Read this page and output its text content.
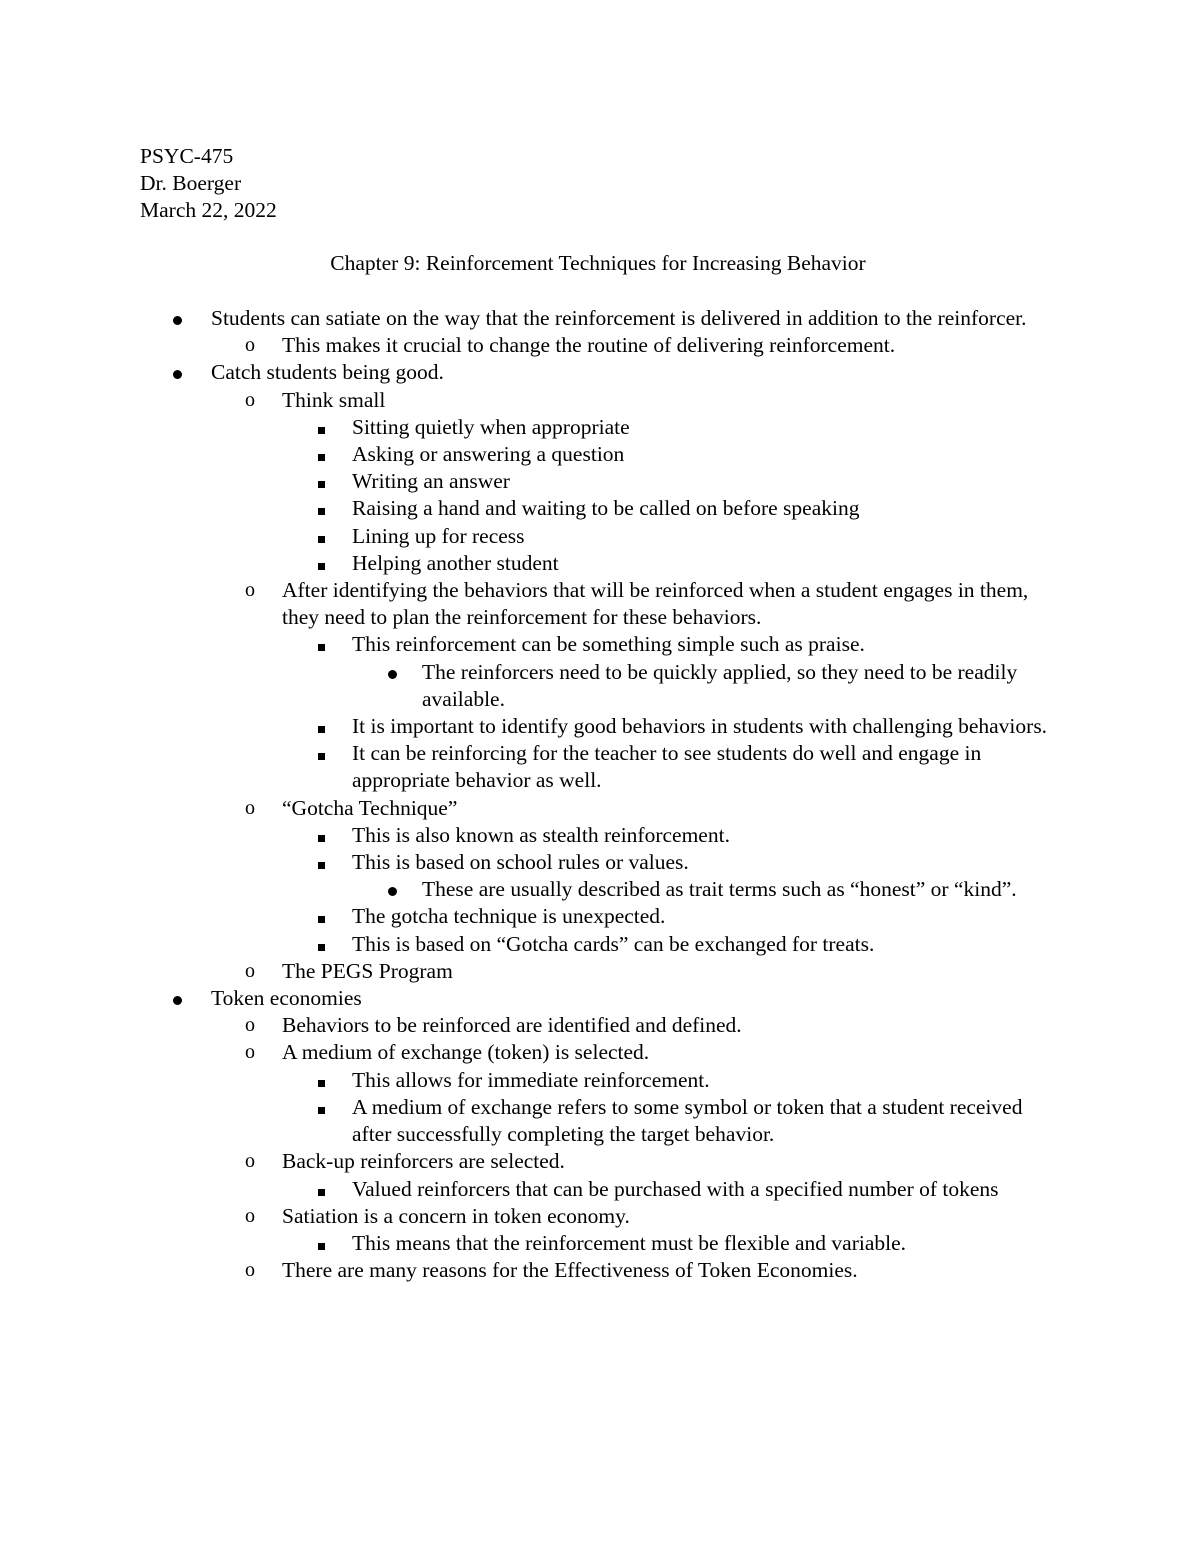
PSYC-475
Dr. Boerger
March 22, 2022
Chapter 9: Reinforcement Techniques for Increasing Behavior
Students can satiate on the way that the reinforcement is delivered in addition to the reinforcer.
o This makes it crucial to change the routine of delivering reinforcement.
Catch students being good.
o Think small
Sitting quietly when appropriate
Asking or answering a question
Writing an answer
Raising a hand and waiting to be called on before speaking
Lining up for recess
Helping another student
o After identifying the behaviors that will be reinforced when a student engages in them, they need to plan the reinforcement for these behaviors.
This reinforcement can be something simple such as praise.
The reinforcers need to be quickly applied, so they need to be readily available.
It is important to identify good behaviors in students with challenging behaviors.
It can be reinforcing for the teacher to see students do well and engage in appropriate behavior as well.
o “Gotcha Technique”
This is also known as stealth reinforcement.
This is based on school rules or values.
These are usually described as trait terms such as “honest” or “kind”.
The gotcha technique is unexpected.
This is based on “Gotcha cards” can be exchanged for treats.
o The PEGS Program
Token economies
o Behaviors to be reinforced are identified and defined.
o A medium of exchange (token) is selected.
This allows for immediate reinforcement.
A medium of exchange refers to some symbol or token that a student received after successfully completing the target behavior.
o Back-up reinforcers are selected.
Valued reinforcers that can be purchased with a specified number of tokens
o Satiation is a concern in token economy.
This means that the reinforcement must be flexible and variable.
o There are many reasons for the Effectiveness of Token Economies.
